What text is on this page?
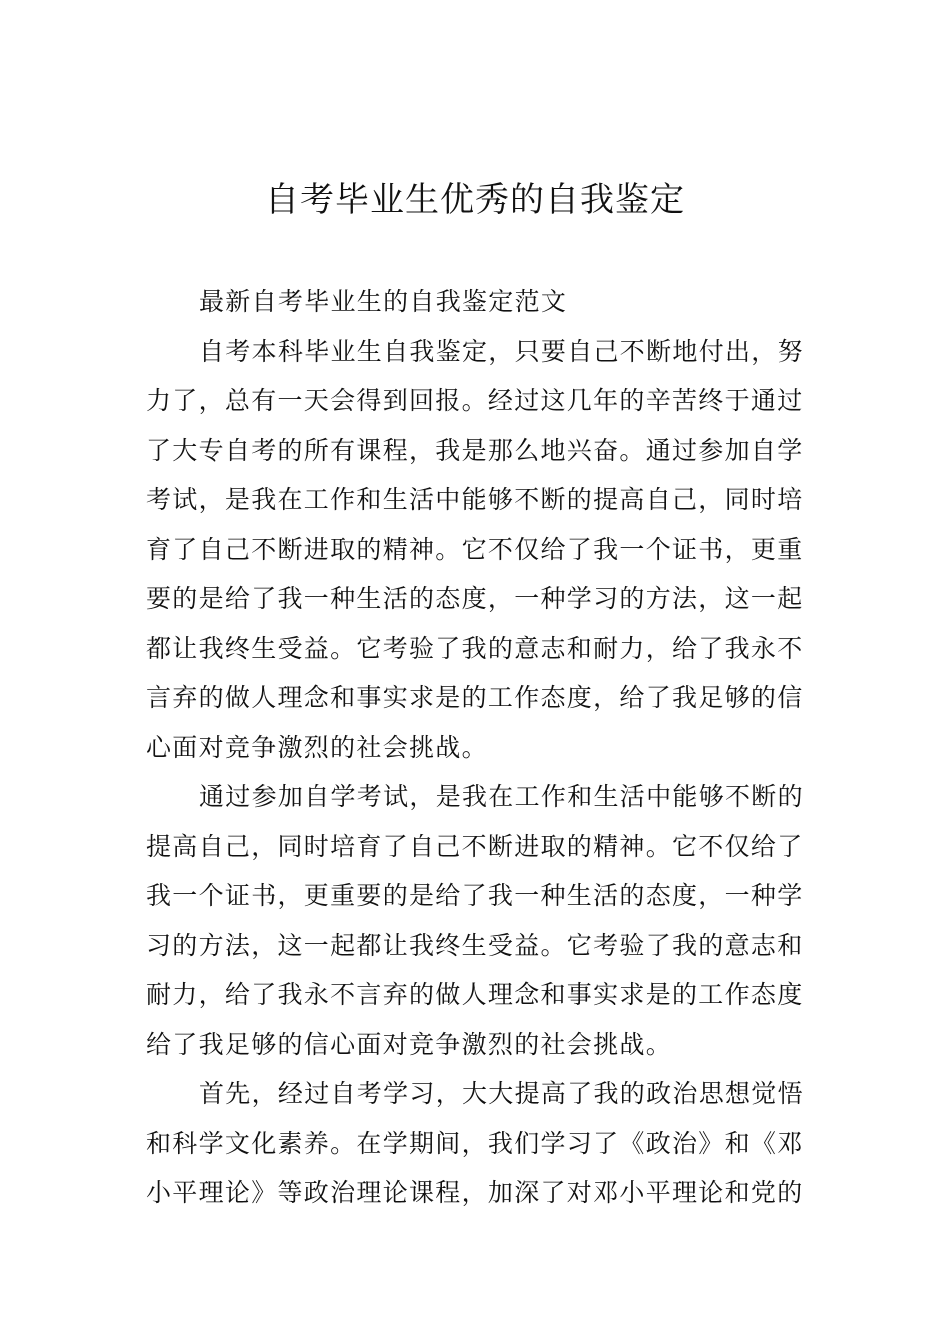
自考毕业生优秀的自我鉴定
最新自考毕业生的自我鉴定范文
自考本科毕业生自我鉴定，只要自己不断地付出，努
力了，总有一天会得到回报。经过这几年的辛苦终于通过
了大专自考的所有课程，我是那么地兴奋。通过参加自学
考试，是我在工作和生活中能够不断的提高自己，同时培
育了自己不断进取的精神。它不仅给了我一个证书，更重
要的是给了我一种生活的态度，一种学习的方法，这一起
都让我终生受益。它考验了我的意志和耐力，给了我永不
言弃的做人理念和事实求是的工作态度，给了我足够的信
心面对竞争激烈的社会挑战。
通过参加自学考试，是我在工作和生活中能够不断的
提高自己，同时培育了自己不断进取的精神。它不仅给了
我一个证书，更重要的是给了我一种生活的态度，一种学
习的方法，这一起都让我终生受益。它考验了我的意志和
耐力，给了我永不言弃的做人理念和事实求是的工作态度
给了我足够的信心面对竞争激烈的社会挑战。
首先，经过自考学习，大大提高了我的政治思想觉悟
和科学文化素养。在学期间，我们学习了《政治》和《邓
小平理论》等政治理论课程，加深了对邓小平理论和党的
